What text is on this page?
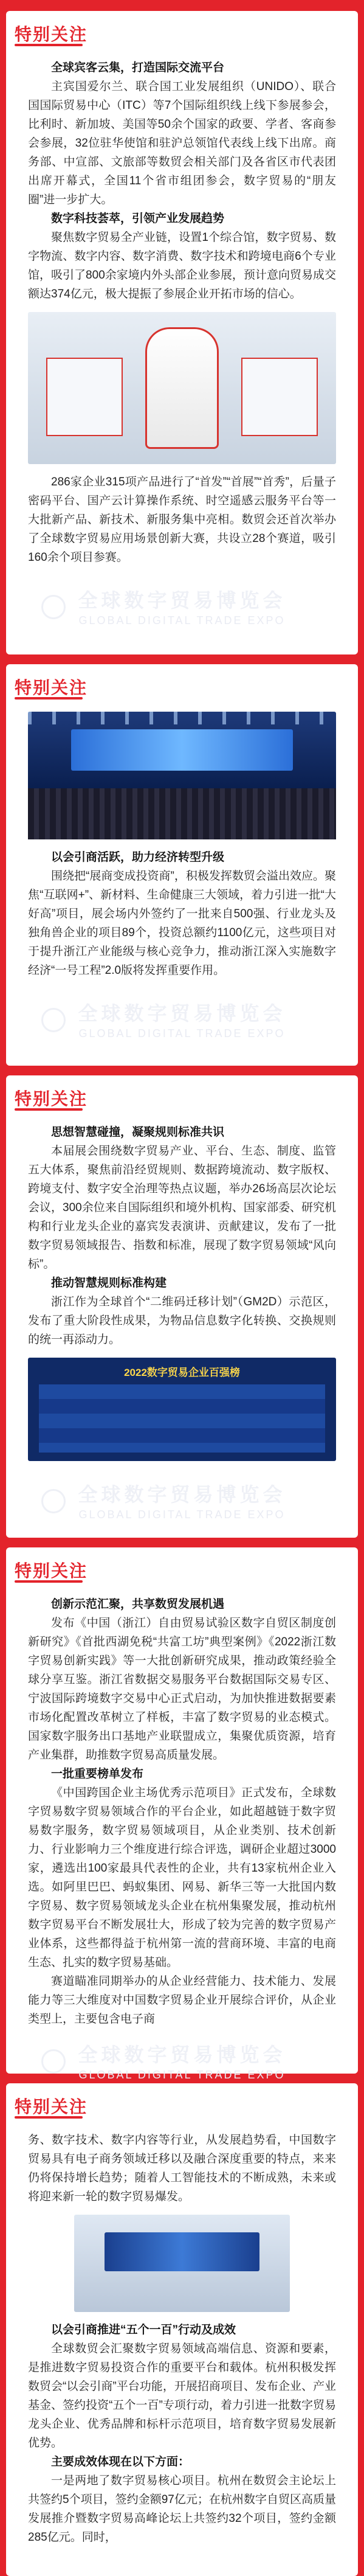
特别关注

全球宾客云集，打造国际交流平台

主宾国爱尔兰、联合国工业发展组织（UNIDO）、联合国国际贸易中心（ITC）等7个国际组织线上线下参展参会，比利时、新加坡、美国等50余个国家的政要、学者、客商参会参展，32位驻华使馆和驻沪总领馆代表线上线下出席。商务部、中宣部、文旅部等数贸会相关部门及各省区市代表团出席开幕式，全国11个省市组团参会，数字贸易的“朋友圈”进一步扩大。

数字科技荟萃，引领产业发展趋势

聚焦数字贸易全产业链，设置1个综合馆，数字贸易、数字物流、数字内容、数字消费、数字技术和跨境电商6个专业馆，吸引了800余家境内外头部企业参展，预计意向贸易成交额达374亿元，极大提振了参展企业开拓市场的信心。

286家企业315项产品进行了“首发”“首展”“首秀”，后量子密码平台、国产云计算操作系统、时空遥感云服务平台等一大批新产品、新技术、新服务集中亮相。数贸会还首次举办了全球数字贸易应用场景创新大赛，共设立28个赛道，吸引160余个项目参赛。

全球数字贸易博览会
GLOBAL DIGITAL TRADE EXPO
特别关注

以会引商活跃，助力经济转型升级

围绕把“展商变成投资商”，积极发挥数贸会溢出效应。聚焦“互联网+”、新材料、生命健康三大领域，着力引进一批“大好高”项目，展会场内外签约了一批来自500强、行业龙头及独角兽企业的项目89个，投资总额约1100亿元，这些项目对于提升浙江产业能级与核心竞争力，推动浙江深入实施数字经济“一号工程”2.0版将发挥重要作用。

全球数字贸易博览会
GLOBAL DIGITAL TRADE EXPO
特别关注

思想智慧碰撞，凝聚规则标准共识

本届展会围绕数字贸易产业、平台、生态、制度、监管五大体系，聚焦前沿经贸规则、数据跨境流动、数字版权、跨境支付、数字安全治理等热点议题，举办26场高层次论坛会议，300余位来自国际组织和境外机构、国家部委、研究机构和行业龙头企业的嘉宾发表演讲、贡献建议，发布了一批数字贸易领域报告、指数和标准，展现了数字贸易领域“风向标”。

推动智慧规则标准构建

浙江作为全球首个“二维码迁移计划”（GM2D）示范区，发布了重大阶段性成果，为物品信息数字化转换、交换规则的统一再添动力。

2022数字贸易企业百强榜
全球数字贸易博览会
GLOBAL DIGITAL TRADE EXPO
特别关注

创新示范汇聚，共享数贸发展机遇

发布《中国（浙江）自由贸易试验区数字自贸区制度创新研究》《首批西湖免税“共富工坊”典型案例》《2022浙江数字贸易创新实践》等一大批创新研究成果，推动政策经验全球分享互鉴。浙江省数据交易服务平台数据国际交易专区、宁波国际跨境数字交易中心正式启动，为加快推进数据要素市场化配置改革树立了样板，丰富了数字贸易的业态模式。国家数字服务出口基地产业联盟成立，集聚优质资源，培育产业集群，助推数字贸易高质量发展。

一批重要榜单发布

《中国跨国企业主场优秀示范项目》正式发布，全球数字贸易数字贸易领域合作的平台企业，如此超越链于数字贸易数字服务，数字贸易领域项目，从企业类别、技术创新力、行业影响力三个维度进行综合评选，调研企业超过3000家，遴选出100家最具代表性的企业，共有13家杭州企业入选。如阿里巴巴、蚂蚁集团、网易、新华三等一大批国内数字贸易、数字贸易领域龙头企业在杭州集聚发展，推动杭州数字贸易平台不断发展壮大，形成了较为完善的数字贸易产业体系，这些都得益于杭州第一流的营商环境、丰富的电商生态、扎实的数字贸易基础。

赛道瞄准同期举办的从企业经营能力、技术能力、发展能力等三大维度对中国数字贸易企业开展综合评价，从企业类型上，主要包含电子商

全球数字贸易博览会
GLOBAL DIGITAL TRADE EXPO
特别关注

务、数字技术、数字内容等行业，从发展趋势看，中国数字贸易具有电子商务领域迁移以及融合深度重要的特点，来来仍将保持增长趋势；随着人工智能技术的不断成熟，未来或将迎来新一轮的数字贸易爆发。

以会引商推进“五个一百”行动及成效

全球数贸会汇聚数字贸易领域高端信息、资源和要素，是推进数字贸易投资合作的重要平台和载体。杭州积极发挥数贸会“以会引商”平台功能，开展招商项目、发布企业、产业基金、签约投资“五个一百”专项行动，着力引进一批数字贸易龙头企业、优秀品牌和标杆示范项目，培育数字贸易发展新优势。

主要成效体现在以下方面：

一是两地了数字贸易核心项目。杭州在数贸会主论坛上共签约5个项目，签约金额97亿元；在杭州数字自贸区高质量发展推介暨数字贸易高峰论坛上共签约32个项目，签约金额285亿元。同时，
